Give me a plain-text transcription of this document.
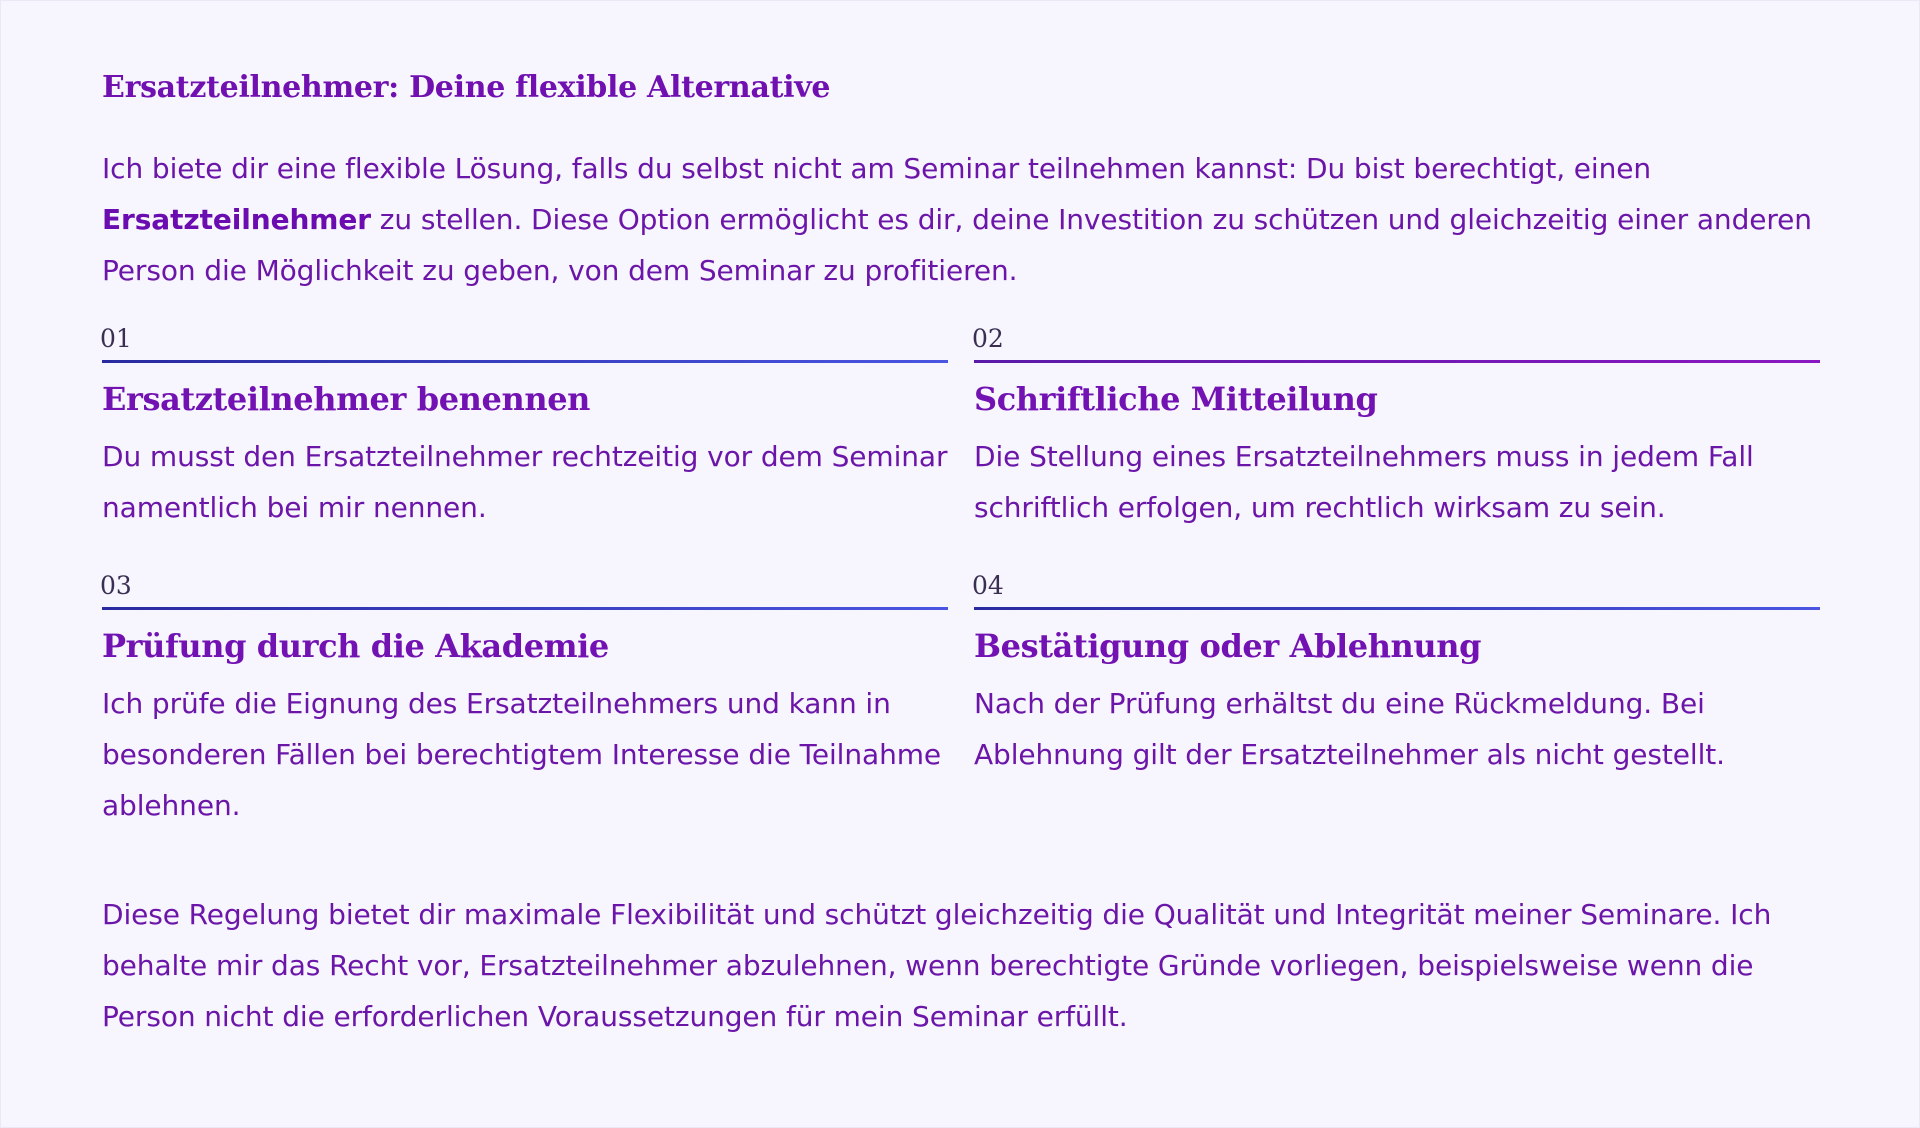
Ersatzteilnehmer: Deine flexible Alternative

Ich biete dir eine flexible Lösung, falls du selbst nicht am Seminar teilnehmen kannst: Du bist berechtigt, einen Ersatzteilnehmer zu stellen. Diese Option ermöglicht es dir, deine Investition zu schützen und gleichzeitig einer anderen Person die Möglichkeit zu geben, von dem Seminar zu profitieren.

01
Ersatzteilnehmer benennen
Du musst den Ersatzteilnehmer rechtzeitig vor dem Seminar namentlich bei mir nennen.
02
Schriftliche Mitteilung
Die Stellung eines Ersatzteilnehmers muss in jedem Fall schriftlich erfolgen, um rechtlich wirksam zu sein.
03
Prüfung durch die Akademie
Ich prüfe die Eignung des Ersatzteilnehmers und kann in besonderen Fällen bei berechtigtem Interesse die Teilnahme ablehnen.
04
Bestätigung oder Ablehnung
Nach der Prüfung erhältst du eine Rückmeldung. Bei Ablehnung gilt der Ersatzteilnehmer als nicht gestellt.

Diese Regelung bietet dir maximale Flexibilität und schützt gleichzeitig die Qualität und Integrität meiner Seminare. Ich behalte mir das Recht vor, Ersatzteilnehmer abzulehnen, wenn berechtigte Gründe vorliegen, beispielsweise wenn die Person nicht die erforderlichen Voraussetzungen für mein Seminar erfüllt.
